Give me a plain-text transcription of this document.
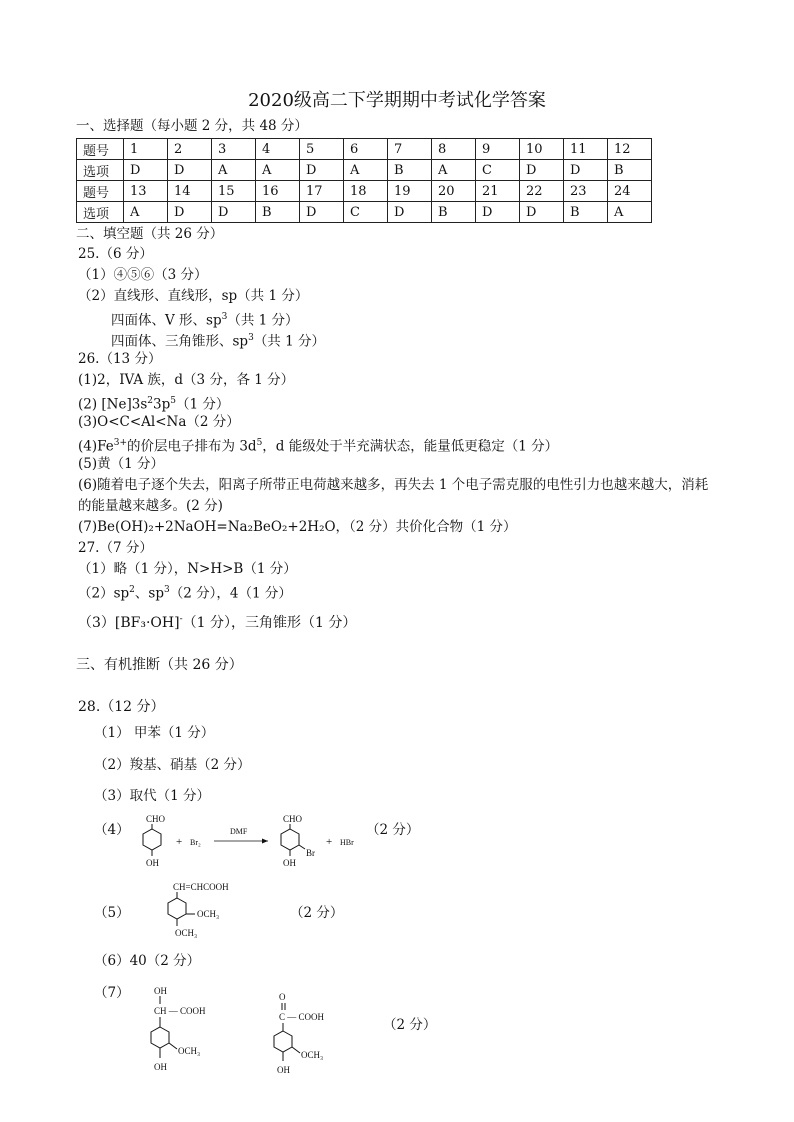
2020级高二下学期期中考试化学答案
一、选择题（每小题 2 分，共 48 分）
题号	1	2	3	4	5	6	7	8	9	10	11	12
选项	D	D	A	A	D	A	B	A	C	D	D	B
题号	13	14	15	16	17	18	19	20	21	22	23	24
选项	A	D	D	B	D	C	D	B	D	D	B	A
二、填空题（共 26 分）
25.（6 分）
（1）④⑤⑥（3 分）
（2）直线形、直线形，sp（共 1 分）
四面体、V 形、$sp^3$（共 1 分）
四面体、三角锥形、$sp^3$（共 1 分）
26.（13 分）
(1)2，IVA 族，d（3 分，各 1 分）
(2) $[Ne]3s^23p^5(1$ 分）
(3)O<C<Al<Na（2 分）
$(4)Fe^{3+}$的价层电子排布为 $3d^5$，d 能级处于半充满状态，能量低更稳定（1 分）
(5)黄（1 分）
(6)随着电子逐个失去，阳离子所带正电荷越来越多，再失去 1 个电子需克服的电性引力也越来越大，消耗
的能量越来越多。(2 分)
(7)Be(OH)₂+2NaOH=Na₂BeO₂+2H₂O，（2 分）共价化合物（1 分）
27.（7 分）
（1）略（1 分），N>H>B（1 分）
$(2)sp^2$、$sp^3(2$ 分），4（1 分）
（3）[BF₃·OH]-（1 分），三角锥形（1 分）
三、有机推断（共 26 分）
28.（12 分）
（1） 甲苯（1 分）
（2）羧基、硝基（2 分）
（3）取代（1 分）
（4）
CHO
OH
+ Br₂
DMF
CHO
Br
OH
+ HBr
（2 分）
（5）
CH=CHCOOH
OCH₃
OCH₃
（2 分）
（6）40（2 分）
（7）	OH
CH — COOH
OCH₃
OH
O
C — COOH
OCH₃
OH
（2 分）
